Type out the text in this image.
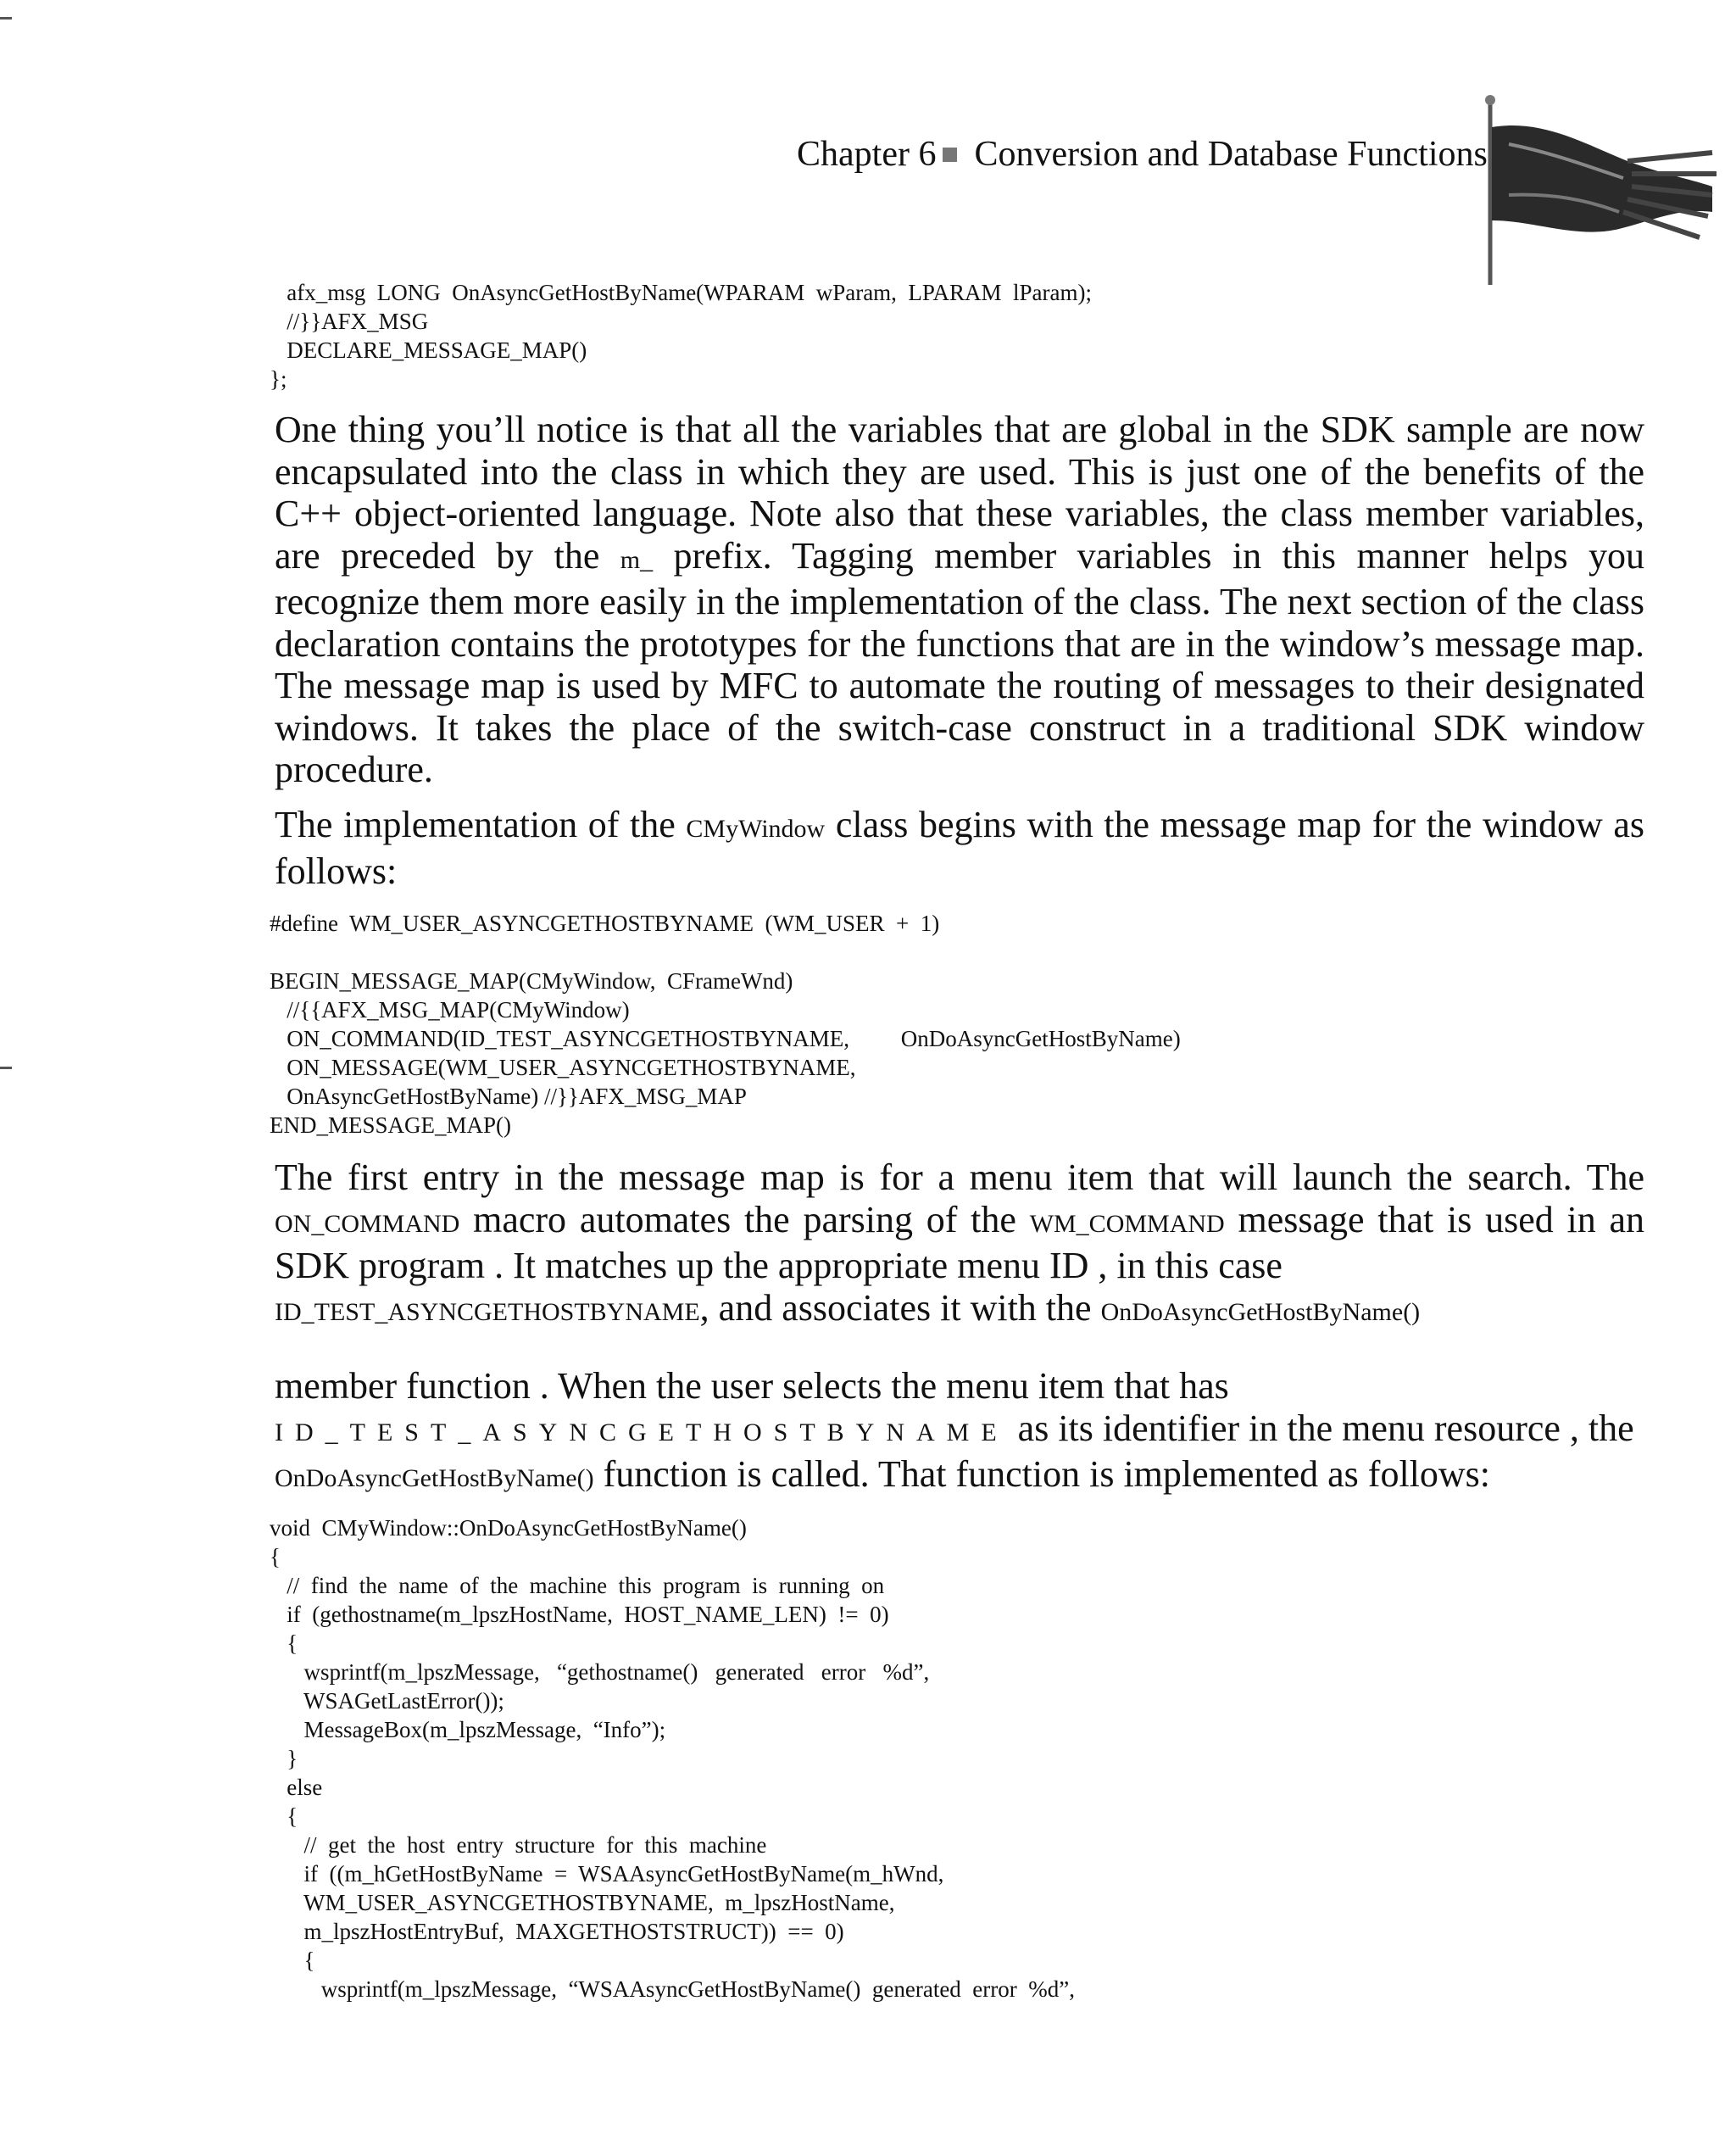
Chapter 6 Conversion and Database Functions
afx_msg  LONG  OnAsyncGetHostByName(WPARAM  wParam,  LPARAM  lParam);
//}}AFX_MSG
DECLARE_MESSAGE_MAP()
};

One thing you’ll notice is that all the variables that are global in the SDK sample are now encapsulated into the class in which they are used. This is just one of the benefits of the C++ object-oriented language. Note also that these variables, the class member variables, are preceded by the m_ prefix. Tagging member variables in this manner helps you recognize them more easily in the implementation of the class. The next section of the class declaration contains the prototypes for the functions that are in the window’s message map. The message map is used by MFC to automate the routing of messages to their designated windows. It takes the place of the switch-case construct in a traditional SDK window procedure.

The implementation of the CMyWindow class begins with the message map for the window as follows:

#define  WM_USER_ASYNCGETHOSTBYNAME  (WM_USER  +  1)
BEGIN_MESSAGE_MAP(CMyWindow,  CFrameWnd)
//{{AFX_MSG_MAP(CMyWindow)
ON_COMMAND(ID_TEST_ASYNCGETHOSTBYNAME,         OnDoAsyncGetHostByName)
ON_MESSAGE(WM_USER_ASYNCGETHOSTBYNAME,
OnAsyncGetHostByName) //}}AFX_MSG_MAP
END_MESSAGE_MAP()

The first entry in the message map is for a menu item that will launch the search. The ON_COMMAND macro automates the parsing of the WM_COMMAND message that is used in an SDK program . It matches up the appropriate menu ID , in this case
ID_TEST_ASYNCGETHOSTBYNAME, and associates it with the OnDoAsyncGetHostByName()

member function . When the user selects the menu item that has
ID_TEST_ASYNCGETHOSTBYNAME as its identifier in the menu resource , the
OnDoAsyncGetHostByName() function is called. That function is implemented as follows:

void  CMyWindow::OnDoAsyncGetHostByName()
{
//  find  the  name  of  the  machine  this  program  is  running  on
if  (gethostname(m_lpszHostName,  HOST_NAME_LEN)  !=  0)
{
wsprintf(m_lpszMessage,   “gethostname()   generated   error   %d”,
WSAGetLastError());
MessageBox(m_lpszMessage,  “Info”);
}
else
{
//  get  the  host  entry  structure  for  this  machine
if  ((m_hGetHostByName  =  WSAAsyncGetHostByName(m_hWnd,
WM_USER_ASYNCGETHOSTBYNAME,  m_lpszHostName,
m_lpszHostEntryBuf,  MAXGETHOSTSTRUCT))  ==  0)
{
wsprintf(m_lpszMessage,  “WSAAsyncGetHostByName()  generated  error  %d”,
